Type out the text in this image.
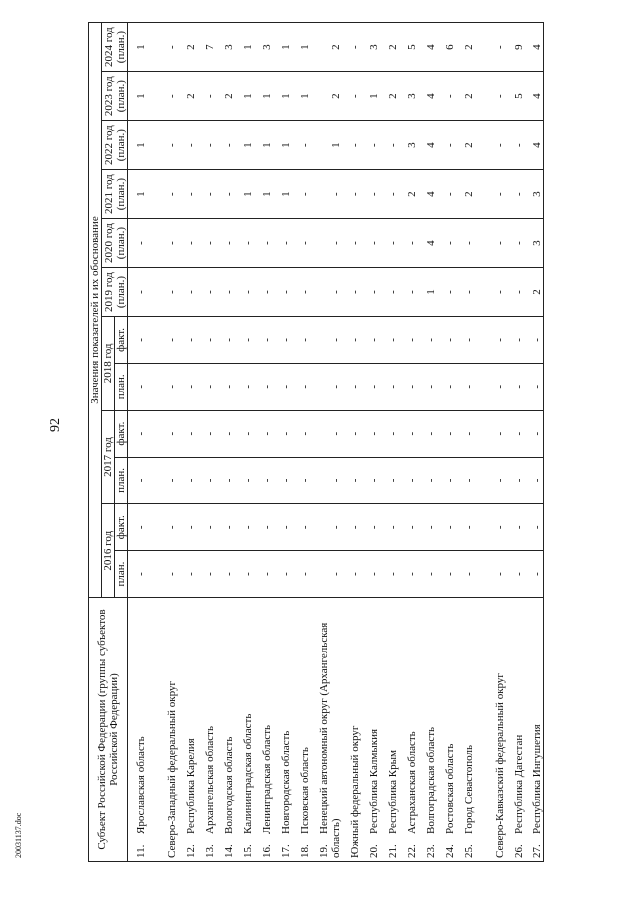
92
20031137.doc	Субъект Российской Федерации (группы субъектов Российской Федерации)	Значения показателей и их обоснование											
	2016 год		2017 год		2018 год		2019 год (план.)	2020 год (план.)	2021 год (план.)	2022 год (план.)	2023 год (план.)	2024 год (план.)
	план.	факт.	план.	факт.	план.	факт.						
11.Ярославская область	-	-	-	-	-	-	-	-	1	1	1	1
Северо-Западный федеральный округ	-	-	-	-	-	-	-	-	-	-	-	-
12.Республика Карелия	-	-	-	-	-	-	-	-	-	-	2	2
13.Архангельская область	-	-	-	-	-	-	-	-	-	-	-	7
14.Вологодская область	-	-	-	-	-	-	-	-	-	-	2	3
15.Калининградская область	-	-	-	-	-	-	-	-	1	1	1	1
16.Ленинградская область	-	-	-	-	-	-	-	-	1	1	1	3
17.Новгородская область	-	-	-	-	-	-	-	-	1	1	1	1
18.Псковская область	-	-	-	-	-	-	-	-	-	-	1	1
19.Ненецкий автономный округ (Архангельская область)	-	-	-	-	-	-	-	-	-	1	2	2
Южный федеральный округ	-	-	-	-	-	-	-	-	-	-	-	-
20.Республика Калмыкия	-	-	-	-	-	-	-	-	-	-	1	3
21.Республика Крым	-	-	-	-	-	-	-	-	-	-	2	2
22.Астраханская область	-	-	-	-	-	-	-	-	2	3	3	5
23.Волгоградская область	-	-	-	-	-	-	1	4	4	4	4	4
24.Ростовская область	-	-	-	-	-	-	-	-	-	-	-	6
25.Город Севастополь	-	-	-	-	-	-	-	-	2	2	2	2
Северо-Кавказский федеральный округ	-	-	-	-	-	-	-	-	-	-	-	-
26.Республика Дагестан	-	-	-	-	-	-	-	-	-	-	5	9
27.Республика Ингушетия	-	-	-	-	-	-	2	3	3	4	4	4
